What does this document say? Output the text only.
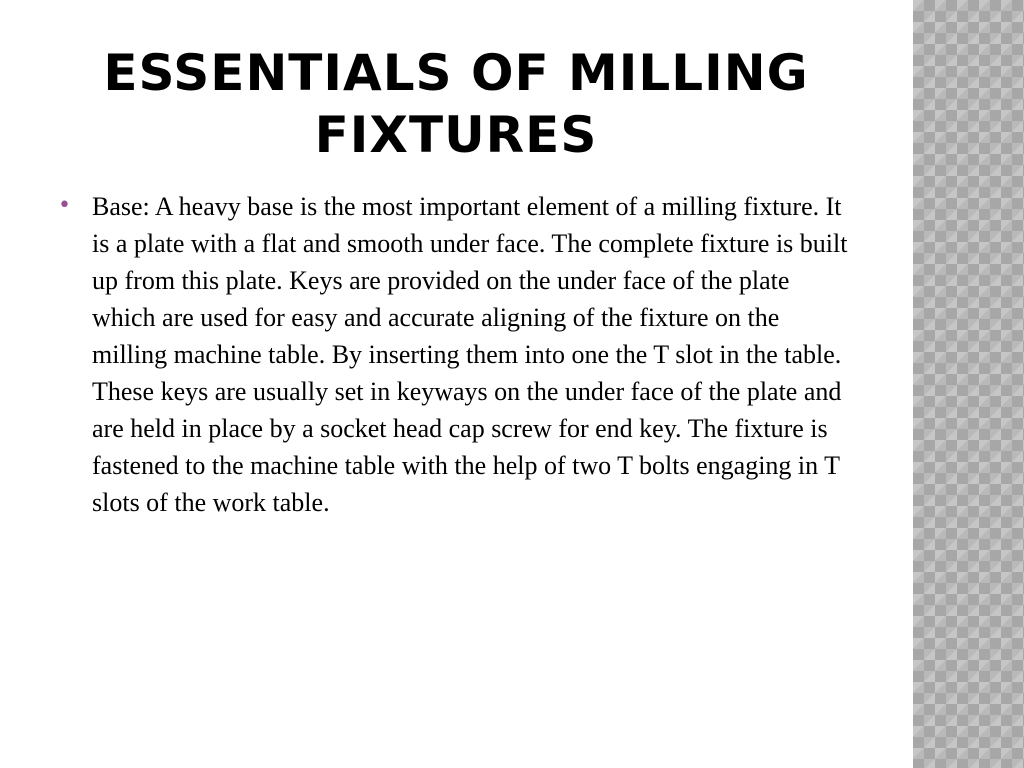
ESSENTIALS OF MILLING FIXTURES
• Base: A heavy base is the most important element of a milling fixture. It is a plate with a flat and smooth under face. The complete fixture is built up from this plate. Keys are provided on the under face of the plate which are used for easy and accurate aligning of the fixture on the milling machine table. By inserting them into one the T slot in the table. These keys are usually set in keyways on the under face of the plate and are held in place by a socket head cap screw for end key. The fixture is fastened to the machine table with the help of two T bolts engaging in T slots of the work table.
